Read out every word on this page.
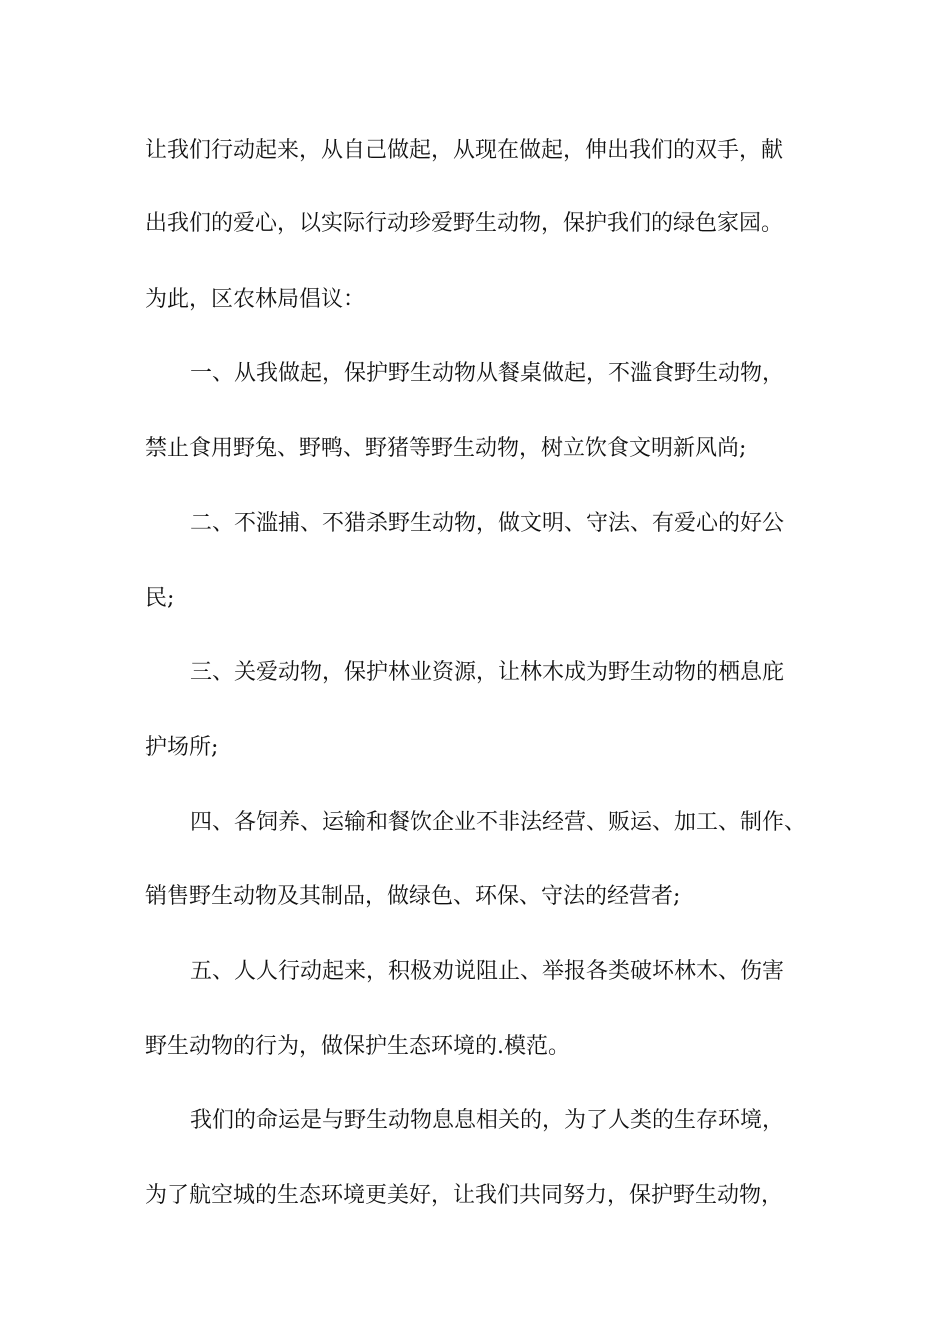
让我们行动起来，从自己做起，从现在做起，伸出我们的双手，献
出我们的爱心，以实际行动珍爱野生动物，保护我们的绿色家园。
为此，区农林局倡议：
一、从我做起，保护野生动物从餐桌做起，不滥食野生动物，
禁止食用野兔、野鸭、野猪等野生动物，树立饮食文明新风尚;
二、不滥捕、不猎杀野生动物，做文明、守法、有爱心的好公
民;
三、关爱动物，保护林业资源，让林木成为野生动物的栖息庇
护场所;
四、各饲养、运输和餐饮企业不非法经营、贩运、加工、制作、
销售野生动物及其制品，做绿色、环保、守法的经营者;
五、人人行动起来，积极劝说阻止、举报各类破坏林木、伤害
野生动物的行为，做保护生态环境的.模范。
我们的命运是与野生动物息息相关的，为了人类的生存环境，
为了航空城的生态环境更美好，让我们共同努力，保护野生动物，
